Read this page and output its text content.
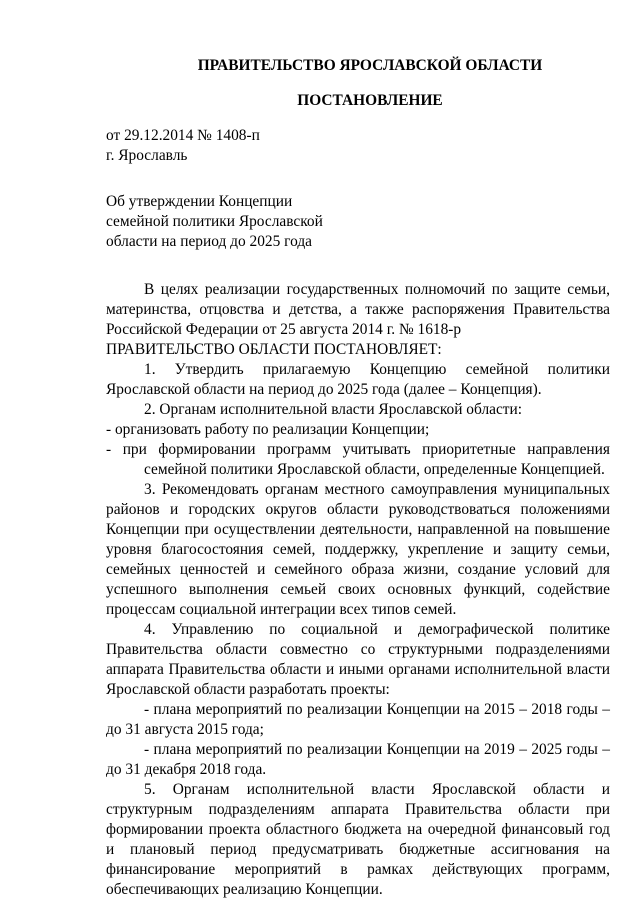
ПРАВИТЕЛЬСТВО ЯРОСЛАВСКОЙ ОБЛАСТИ
ПОСТАНОВЛЕНИЕ
от 29.12.2014 № 1408-п
г. Ярославль
Об утверждении Концепции
семейной политики Ярославской
области на период до 2025 года

В целях реализации государственных полномочий по защите семьи, материнства, отцовства и детства, а также распоряжения Правительства Российской Федерации от 25 августа 2014 г. № 1618-р

ПРАВИТЕЛЬСТВО ОБЛАСТИ ПОСТАНОВЛЯЕТ:

1. Утвердить прилагаемую Концепцию семейной политики Ярославской области на период до 2025 года (далее – Концепция).

2. Органам исполнительной власти Ярославской области:

- организовать работу по реализации Концепции;

- при формировании программ учитывать приоритетные направления семейной политики Ярославской области, определенные Концепцией.

3. Рекомендовать органам местного самоуправления муниципальных районов и городских округов области руководствоваться положениями Концепции при осуществлении деятельности, направленной на повышение уровня благосостояния семей, поддержку, укрепление и защиту семьи, семейных ценностей и семейного образа жизни, создание условий для успешного выполнения семьей своих основных функций, содействие процессам социальной интеграции всех типов семей.

4. Управлению по социальной и демографической политике Правительства области совместно со структурными подразделениями аппарата Правительства области и иными органами исполнительной власти Ярославской области разработать проекты:

- плана мероприятий по реализации Концепции на 2015 – 2018 годы – до 31 августа 2015 года;

- плана мероприятий по реализации Концепции на 2019 – 2025 годы – до 31 декабря 2018 года.

5. Органам исполнительной власти Ярославской области и структурным подразделениям аппарата Правительства области при формировании проекта областного бюджета на очередной финансовый год и плановый период предусматривать бюджетные ассигнования на финансирование мероприятий в рамках действующих программ, обеспечивающих реализацию Концепции.
